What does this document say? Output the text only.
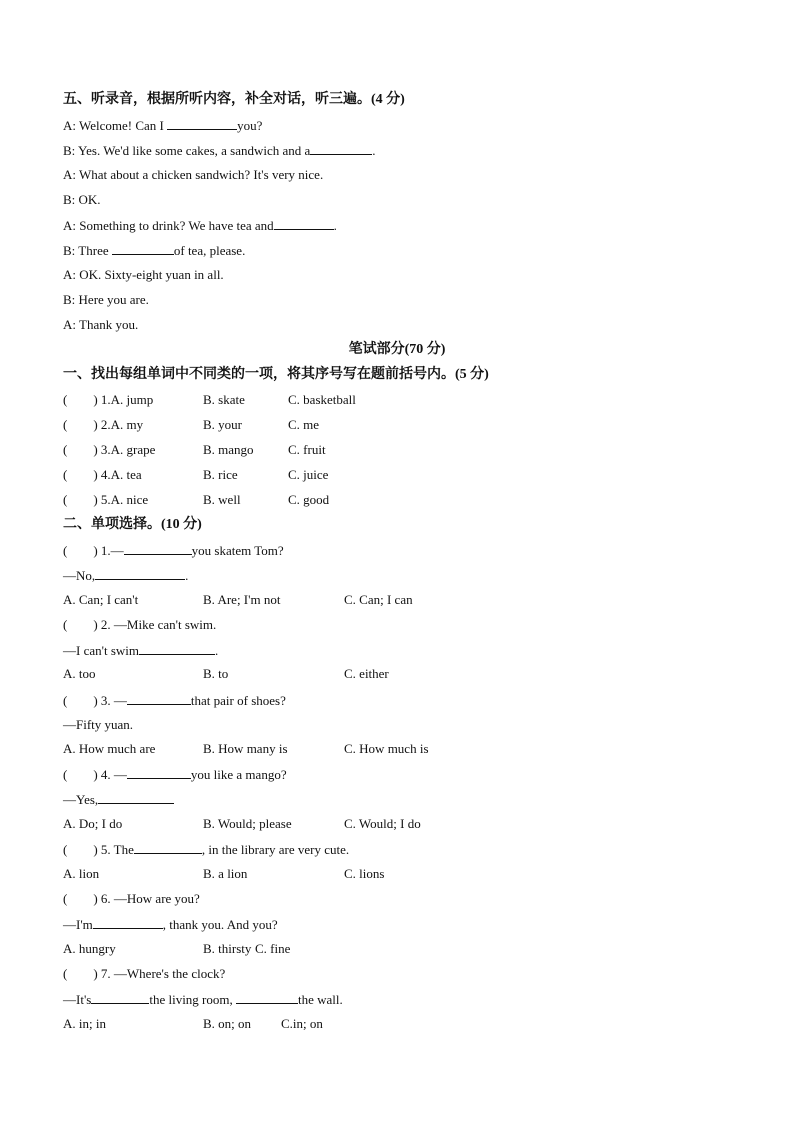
五、听录音，根据所听内容，补全对话，听三遍。(4 分)
A: Welcome! Can I	you?
B: Yes. We'd like some cakes, a sandwich and a	.
A: What about a chicken sandwich? It's very nice.
B: OK.
A: Something to drink? We have tea and	.
B: Three	of tea, please.
A: OK. Sixty-eight yuan in all.
B: Here you are.
A: Thank you.
笔试部分(70 分)
一、找出每组单词中不同类的一项，将其序号写在题前括号内。(5 分)
(        ) 1.A. jump	B. skate	C. basketball
(        ) 2.A. my	B. your	C. me
(        ) 3.A. grape	B. mango	C. fruit
(        ) 4.A. tea	B. rice	C. juice
(        ) 5.A. nice	B. well	C. good
二、单项选择。(10 分)
(        ) 1.—	you skatem Tom?
—No,	.
A. Can; I can't	B. Are; I'm not	C. Can; I can
(        ) 2. —Mike can't swim.
—I can't swim	.
A. too	B. to	C. either
(        ) 3. —	that pair of shoes?
—Fifty yuan.
A. How much are	B. How many is	C. How much is
(        ) 4. —	you like a mango?
—Yes,
A. Do; I do	B. Would; please	C. Would; I do
(        ) 5. The	, in the library are very cute.
A. lion	B. a lion	C. lions
(        ) 6. —How are you?
—I'm	, thank you. And you?
A. hungry	B. thirsty C. fine
(        ) 7. —Where's the clock?
—It's	the living room,	the wall.
A. in; in	B. on; on C.in; on
